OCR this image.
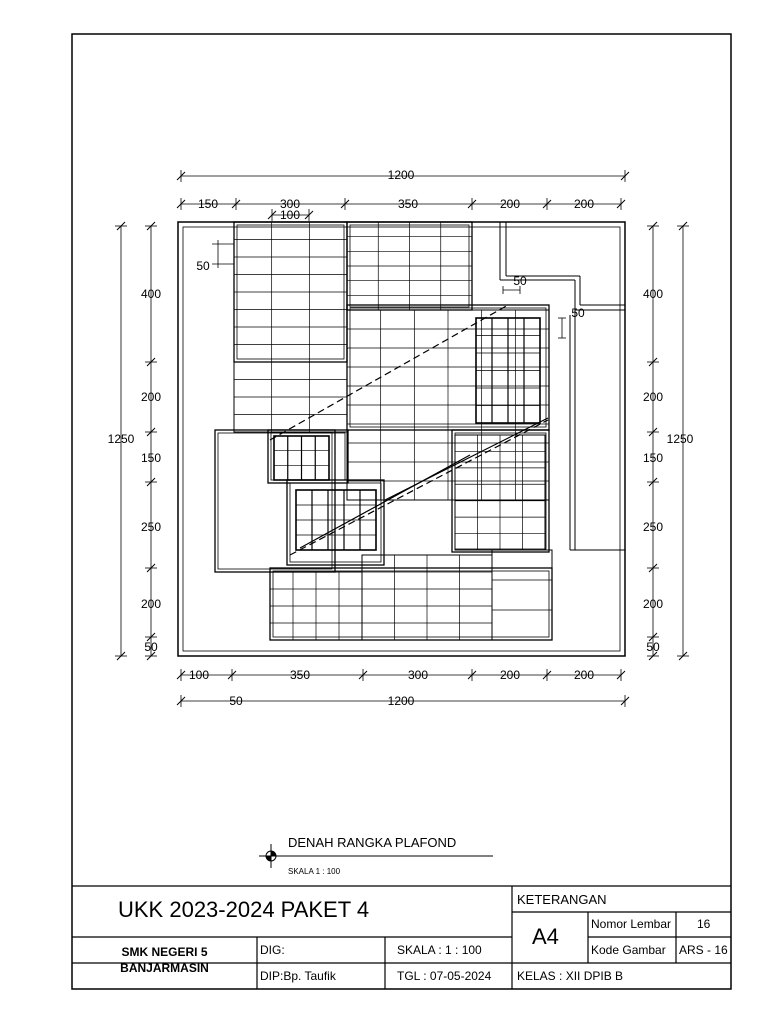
1200
150	300	350	200	200
100
100	350	300	200	200
1200
50
1250
400
200
150
250
200
50
1250
400
200
150
250
200
50
50
50
50
DENAH RANGKA PLAFOND
SKALA 1 : 100
UKK 2023-2024 PAKET 4	KETERANGAN
A4	Nomor Lembar 16
Kode Gambar ARS - 16
SMK NEGERI 5
BANJARMASIN
DIG:
DIP:Bp. Taufik
SKALA : 1 : 100
TGL : 07-05-2024 KELAS : XII DPIB B
